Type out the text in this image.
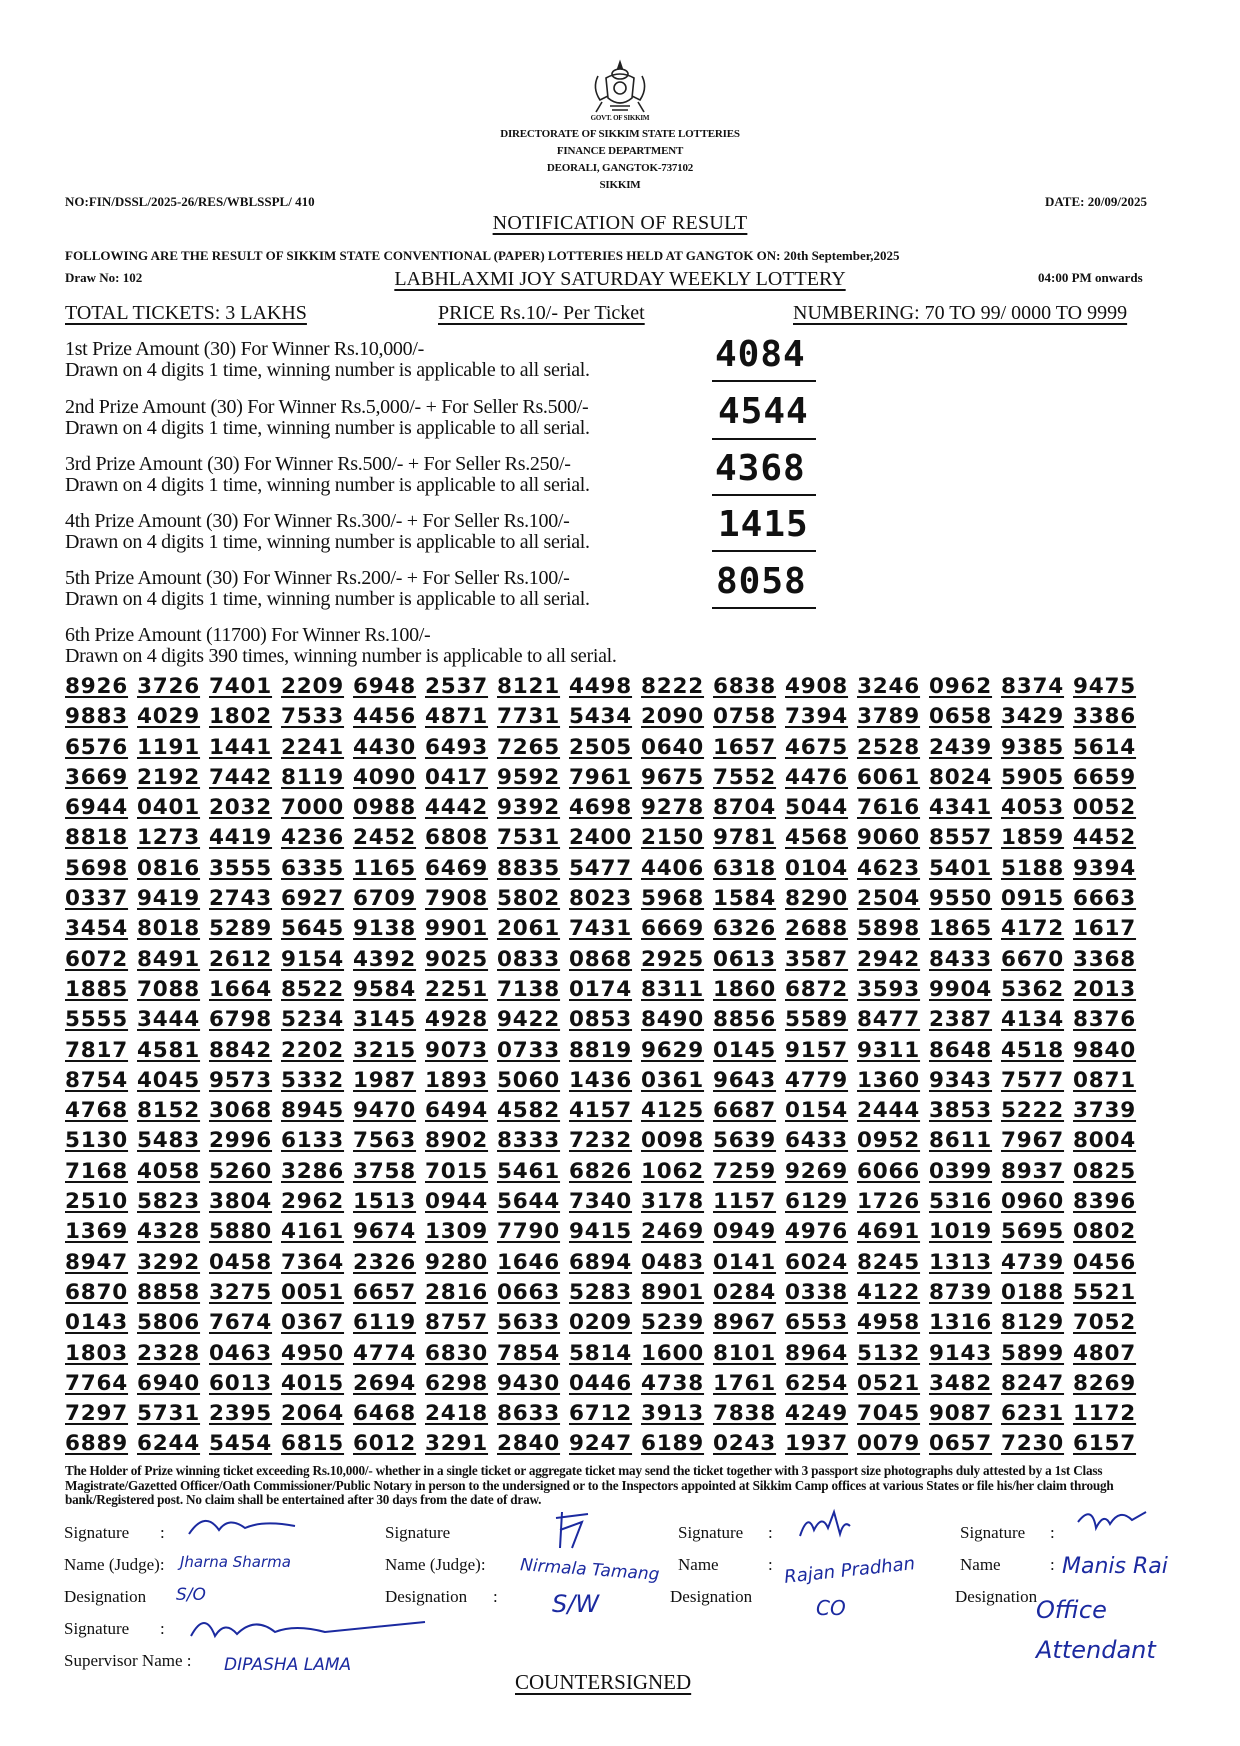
GOVT. OF SIKKIM
DIRECTORATE OF SIKKIM STATE LOTTERIES
FINANCE DEPARTMENT
DEORALI, GANGTOK-737102
SIKKIM
NO:FIN/DSSL/2025-26/RES/WBLSSPL/ 410	DATE: 20/09/2025
NOTIFICATION OF RESULT
FOLLOWING ARE THE RESULT OF SIKKIM STATE CONVENTIONAL (PAPER) LOTTERIES HELD AT GANGTOK ON: 20th September,2025
Draw No: 102	LABHLAXMI JOY SATURDAY WEEKLY LOTTERY	04:00 PM onwards
TOTAL TICKETS: 3 LAKHS	PRICE Rs.10/- Per Ticket	NUMBERING: 70 TO 99/ 0000 TO 9999
1st Prize Amount (30) For Winner Rs.10,000/-
Drawn on 4 digits 1 time, winning number is applicable to all serial.	4084
2nd Prize Amount (30) For Winner Rs.5,000/- + For Seller Rs.500/-
Drawn on 4 digits 1 time, winning number is applicable to all serial.	4544
3rd Prize Amount (30) For Winner Rs.500/- + For Seller Rs.250/-
Drawn on 4 digits 1 time, winning number is applicable to all serial.	4368
4th Prize Amount (30) For Winner Rs.300/- + For Seller Rs.100/-
Drawn on 4 digits 1 time, winning number is applicable to all serial.	1415
5th Prize Amount (30) For Winner Rs.200/- + For Seller Rs.100/-
Drawn on 4 digits 1 time, winning number is applicable to all serial.	8058
6th Prize Amount (11700) For Winner Rs.100/-
Drawn on 4 digits 390 times, winning number is applicable to all serial.
8926 3726 7401 2209 6948 2537 8121 4498 8222 6838 4908 3246 0962 8374 9475
9883 4029 1802 7533 4456 4871 7731 5434 2090 0758 7394 3789 0658 3429 3386
6576 1191 1441 2241 4430 6493 7265 2505 0640 1657 4675 2528 2439 9385 5614
3669 2192 7442 8119 4090 0417 9592 7961 9675 7552 4476 6061 8024 5905 6659
6944 0401 2032 7000 0988 4442 9392 4698 9278 8704 5044 7616 4341 4053 0052
8818 1273 4419 4236 2452 6808 7531 2400 2150 9781 4568 9060 8557 1859 4452
5698 0816 3555 6335 1165 6469 8835 5477 4406 6318 0104 4623 5401 5188 9394
0337 9419 2743 6927 6709 7908 5802 8023 5968 1584 8290 2504 9550 0915 6663
3454 8018 5289 5645 9138 9901 2061 7431 6669 6326 2688 5898 1865 4172 1617
6072 8491 2612 9154 4392 9025 0833 0868 2925 0613 3587 2942 8433 6670 3368
1885 7088 1664 8522 9584 2251 7138 0174 8311 1860 6872 3593 9904 5362 2013
5555 3444 6798 5234 3145 4928 9422 0853 8490 8856 5589 8477 2387 4134 8376
7817 4581 8842 2202 3215 9073 0733 8819 9629 0145 9157 9311 8648 4518 9840
8754 4045 9573 5332 1987 1893 5060 1436 0361 9643 4779 1360 9343 7577 0871
4768 8152 3068 8945 9470 6494 4582 4157 4125 6687 0154 2444 3853 5222 3739
5130 5483 2996 6133 7563 8902 8333 7232 0098 5639 6433 0952 8611 7967 8004
7168 4058 5260 3286 3758 7015 5461 6826 1062 7259 9269 6066 0399 8937 0825
2510 5823 3804 2962 1513 0944 5644 7340 3178 1157 6129 1726 5316 0960 8396
1369 4328 5880 4161 9674 1309 7790 9415 2469 0949 4976 4691 1019 5695 0802
8947 3292 0458 7364 2326 9280 1646 6894 0483 0141 6024 8245 1313 4739 0456
6870 8858 3275 0051 6657 2816 0663 5283 8901 0284 0338 4122 8739 0188 5521
0143 5806 7674 0367 6119 8757 5633 0209 5239 8967 6553 4958 1316 8129 7052
1803 2328 0463 4950 4774 6830 7854 5814 1600 8101 8964 5132 9143 5899 4807
7764 6940 6013 4015 2694 6298 9430 0446 4738 1761 6254 0521 3482 8247 8269
7297 5731 2395 2064 6468 2418 8633 6712 3913 7838 4249 7045 9087 6231 1172
6889 6244 5454 6815 6012 3291 2840 9247 6189 0243 1937 0079 0657 7230 6157
The Holder of Prize winning ticket exceeding Rs.10,000/- whether in a single ticket or aggregate ticket may send the ticket together with 3 passport size photographs duly attested by a 1st Class Magistrate/Gazetted Officer/Oath Commissioner/Public Notary in person to the undersigned or to the Inspectors appointed at Sikkim Camp offices at various States or file his/her claim through bank/Registered post. No claim shall be entertained after 30 days from the date of draw.
Signature :
Name (Judge): Jharna Sharma
Designation S/O
Signature :
Supervisor Name : DIPASHA LAMA
Signature
Name (Judge): Nirmala Tamang
Designation : S/W
Signature :
Name	: Rajan Pradhan
Designation	CO
Signature :
Name	: Manis Rai
Designation
Office Attendant
COUNTERSIGNED
